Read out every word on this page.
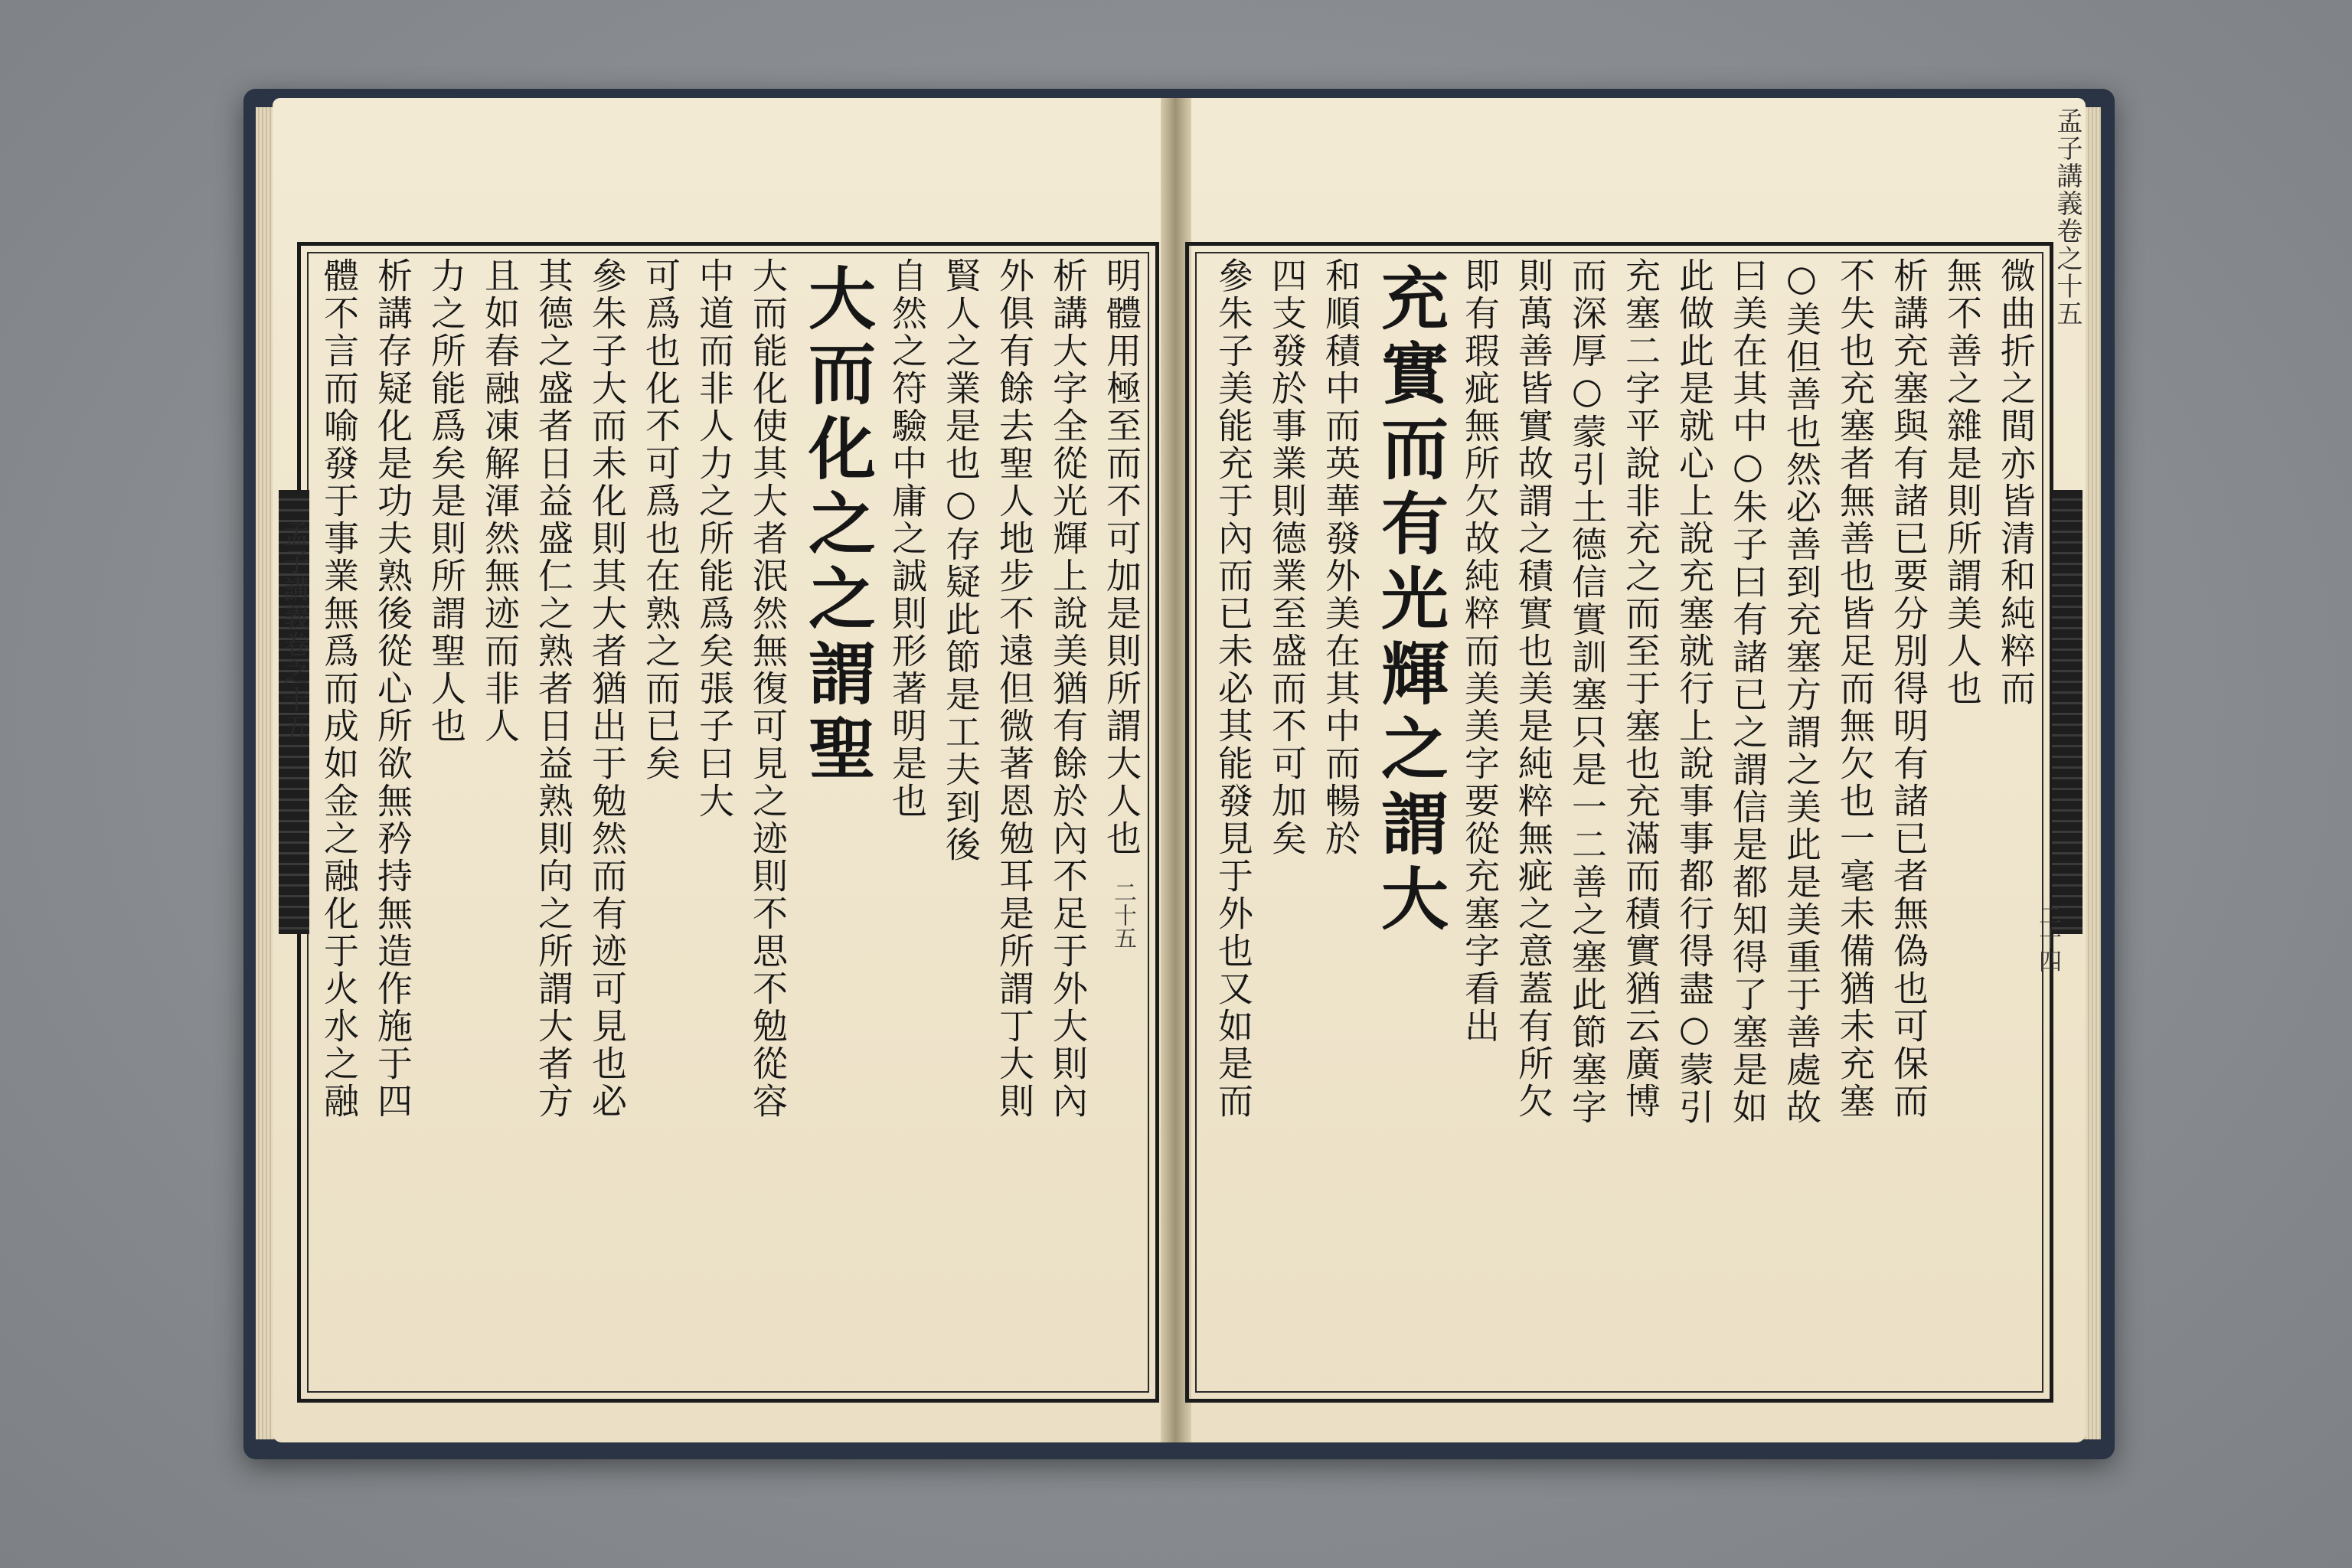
孟子講義卷之十五
孟子講義卷之十五
二十五	二十四
微曲折之間亦皆清和純粹而
無不善之雜是則所謂美人也
析講充塞與有諸已要分別得明有諸已者無偽也可保而
不失也充塞者無善也皆足而無欠也一毫未備猶未充塞
○美但善也然必善到充塞方謂之美此是美重于善處故
曰美在其中○朱子曰有諸已之謂信是都知得了塞是如
此做此是就心上說充塞就行上說事事都行得盡○蒙引
充塞二字平說非充之而至于塞也充滿而積實猶云廣博
而深厚○蒙引土德信實訓塞只是一二善之塞此節塞字
則萬善皆實故謂之積實也美是純粹無疵之意蓋有所欠
即有瑕疵無所欠故純粹而美美字要從充塞字看出
充實而有光輝之謂大
和順積中而英華發外美在其中而暢於
四支發於事業則德業至盛而不可加矣
參朱子美能充于內而已未必其能發見于外也又如是而
明體用極至而不可加是則所謂大人也
析講大字全從光輝上說美猶有餘於內不足于外大則內
外俱有餘去聖人地步不遠但微著恩勉耳是所謂丁大則
賢人之業是也○存疑此節是工夫到後
自然之符驗中庸之誠則形著明是也
大而化之之謂聖
大而能化使其大者泯然無復可見之迹則不思不勉從容
中道而非人力之所能爲矣張子曰大
可爲也化不可爲也在熟之而已矣
參朱子大而未化則其大者猶出于勉然而有迹可見也必
其德之盛者日益盛仁之熟者日益熟則向之所謂大者方
且如春融凍解渾然無迹而非人
力之所能爲矣是則所謂聖人也
析講存疑化是功夫熟後從心所欲無矜持無造作施于四
體不言而喻發于事業無爲而成如金之融化于火水之融
